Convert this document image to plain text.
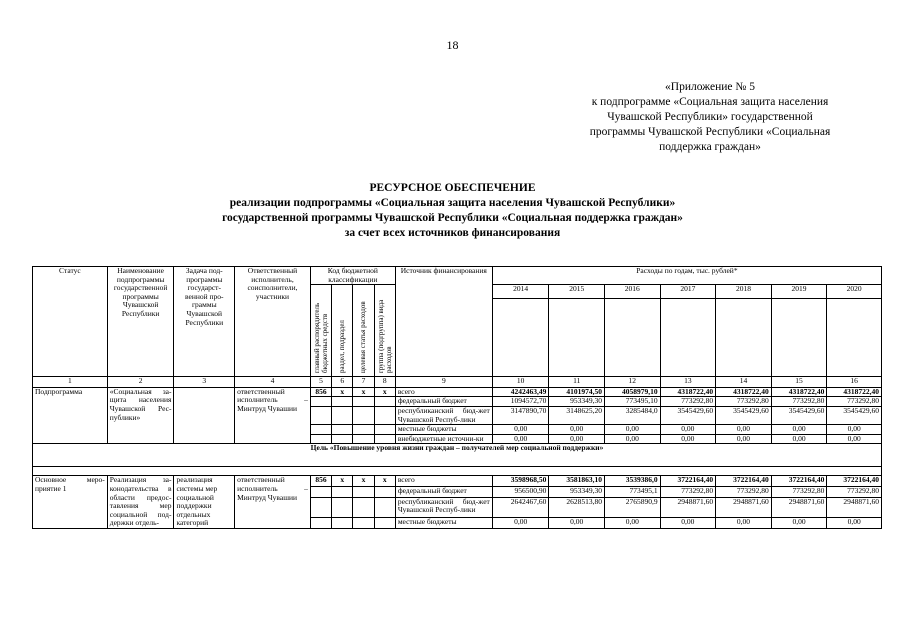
18
«Приложение № 5
к подпрограмме «Социальная защита населения
Чувашской Республики» государственной
программы Чувашской Республики «Социальная
поддержка граждан»
РЕСУРСНОЕ ОБЕСПЕЧЕНИЕ
реализации подпрограммы «Социальная защита населения Чувашской Республики»
государственной программы Чувашской Республики «Социальная поддержка граждан»
за счет всех источников финансирования
Статус	Наименование подпрограммы государственной программы Чувашской Республики	Задача под-программы государст-венной про-граммы Чувашской Республики	Ответственный исполнитель, соисполнители, участники	Код бюджетной классификации				Источник финансирования	Расходы по годам, тыс. рублей*						
				главный распорядитель бюджетных средств	раздел, подраздел	целевая статья расходов	группа (подгруппа) вида расходов		2014	2015	2016	2017	2018	2019	2020

1	2	3	4	5	6	7	8	9	10	11	12	13	14	15	16
Подпрограмма	«Социальная за-щита населения Чувашской Рес-публики»		ответственный исполнитель – Минтруд Чувашии	856	x	x	x	всего	4242463,49	4101974,50	4058979,10	4318722,40	4318722,40	4318722,40	4318722,40
								федеральный бюджет	1094572,70	953349,30	773495,10	773292,80	773292,80	773292,80	773292,80
								республиканский бюд-жет Чувашской Респуб-лики	3147890,70	3148625,20	3285484,0	3545429,60	3545429,60	3545429,60	3545429,60
								местные бюджеты	0,00	0,00	0,00	0,00	0,00	0,00	0,00
								внебюджетные источни-ки	0,00	0,00	0,00	0,00	0,00	0,00	0,00
Цель «Повышение уровня жизни граждан – получателей мер социальной поддержки»															

Основное меро-приятие 1	Реализация за-конодательства в области предос-тавления мер социальной под-держки отдель-	реализация системы мер социальной поддержки отдельных категорий	ответственный исполнитель – Минтруд Чувашии	856	x	x	x	всего	3598968,50	3581863,10	3539386,0	3722164,40	3722164,40	3722164,40	3722164,40
								федеральный бюджет	956500,90	953349,30	773495,1	773292,80	773292,80	773292,80	773292,80
								республиканский бюд-жет Чувашской Респуб-лики	2642467,60	2628513,80	2765890,9	2948871,60	2948871,60	2948871,60	2948871,60
								местные бюджеты	0,00	0,00	0,00	0,00	0,00	0,00	0,00
